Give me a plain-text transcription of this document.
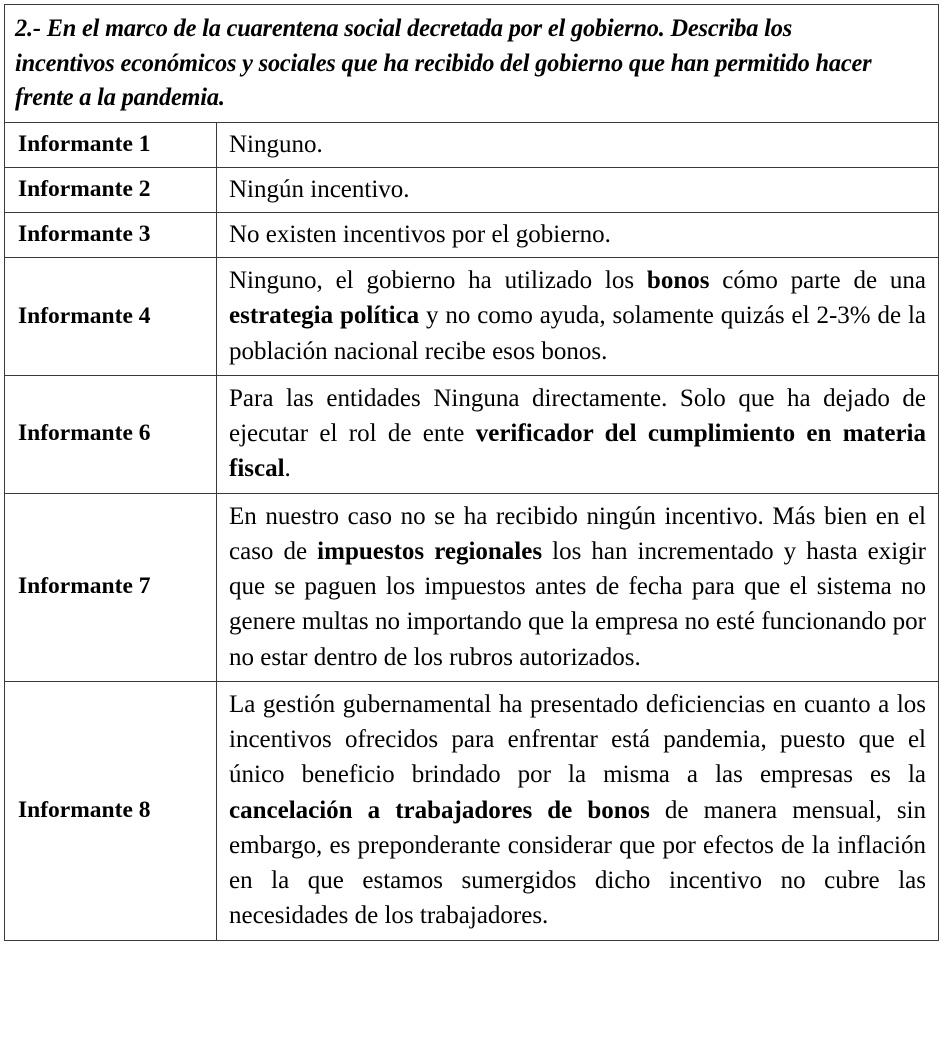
2.- En el marco de la cuarentena social decretada por el gobierno. Describa los incentivos económicos y sociales que ha recibido del gobierno que han permitido hacer frente a la pandemia.	
Informante 1	Ninguno.

Informante 2	Ningún incentivo.

Informante 3	No existen incentivos por el gobierno.

Informante 4	Ninguno, el gobierno ha utilizado los bonos cómo parte de una estrategia política y no como ayuda, solamente quizás el 2-3% de la población nacional recibe esos bonos.

Informante 6	Para las entidades Ninguna directamente. Solo que ha dejado de ejecutar el rol de ente verificador del cumplimiento en materia fiscal.

Informante 7	En nuestro caso no se ha recibido ningún incentivo. Más bien en el caso de impuestos regionales los han incrementado y hasta exigir que se paguen los impuestos antes de fecha para que el sistema no genere multas no importando que la empresa no esté funcionando por no estar dentro de los rubros autorizados.

Informante 8	La gestión gubernamental ha presentado deficiencias en cuanto a los incentivos ofrecidos para enfrentar está pandemia, puesto que el único beneficio brindado por la misma a las empresas es la cancelación a trabajadores de bonos de manera mensual, sin embargo, es preponderante considerar que por efectos de la inflación en la que estamos sumergidos dicho incentivo no cubre las necesidades de los trabajadores.
